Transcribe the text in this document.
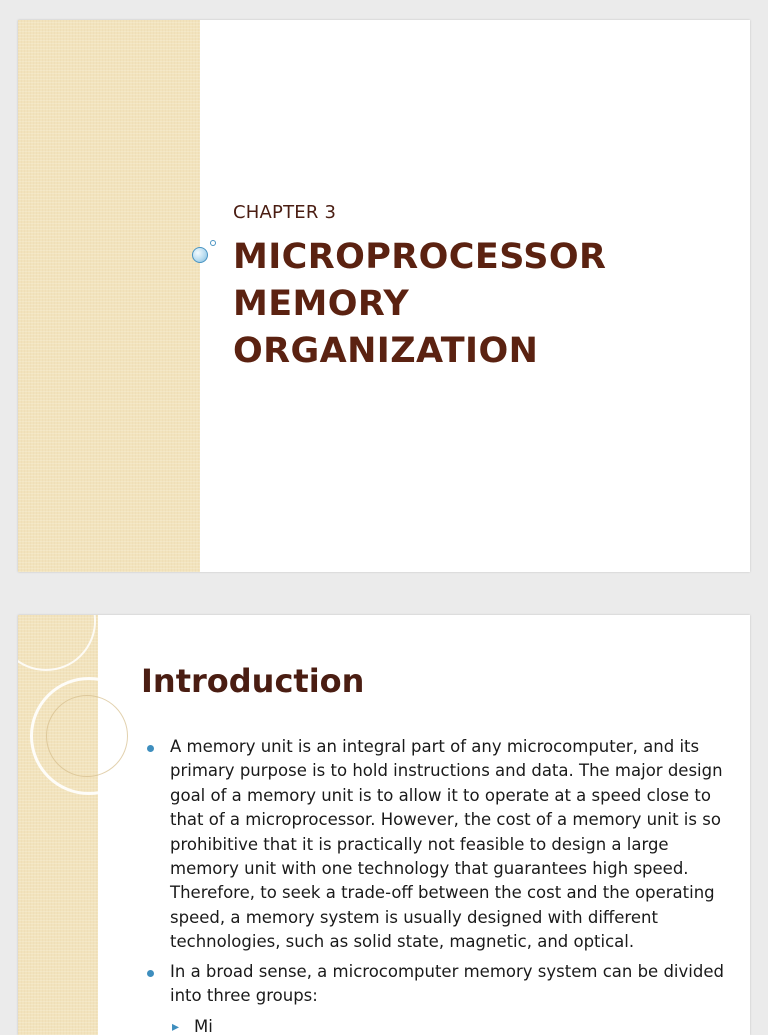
CHAPTER 3
MICROPROCESSOR
MEMORY
ORGANIZATION
Introduction
A memory unit is an integral part of any microcomputer, and its primary purpose is to hold instructions and data. The major design goal of a memory unit is to allow it to operate at a speed close to that of a microprocessor. However, the cost of a memory unit is so prohibitive that it is practically not feasible to design a large memory unit with one technology that guarantees high speed. Therefore, to seek a trade-off between the cost and the operating speed, a memory system is usually designed with different technologies, such as solid state, magnetic, and optical.
In a broad sense, a microcomputer memory system can be divided into three groups:
▸ Mi
